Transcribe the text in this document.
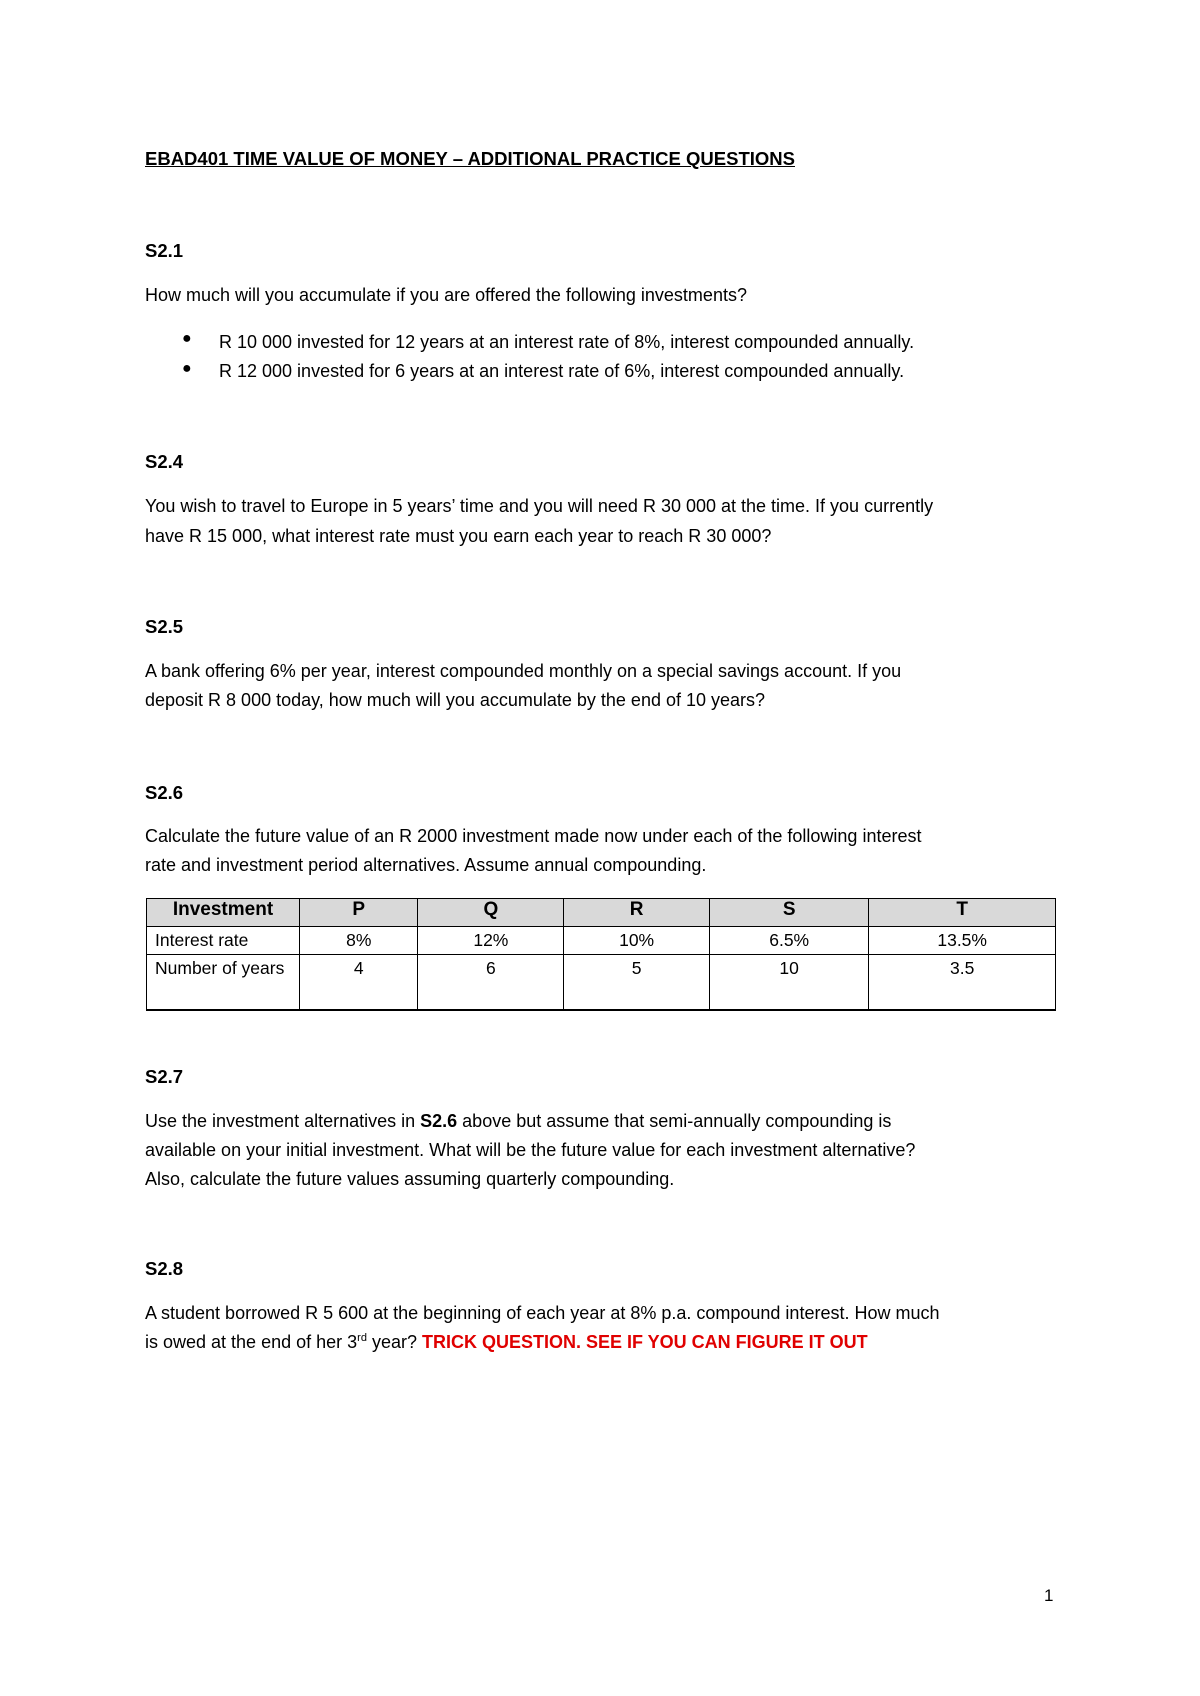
EBAD401 TIME VALUE OF MONEY – ADDITIONAL PRACTICE QUESTIONS
S2.1
How much will you accumulate if you are offered the following investments?
● R 10 000 invested for 12 years at an interest rate of 8%, interest compounded annually.
● R 12 000 invested for 6 years at an interest rate of 6%, interest compounded annually.
S2.4
You wish to travel to Europe in 5 years’ time and you will need R 30 000 at the time. If you currently
have R 15 000, what interest rate must you earn each year to reach R 30 000?
S2.5
A bank offering 6% per year, interest compounded monthly on a special savings account. If you
deposit R 8 000 today, how much will you accumulate by the end of 10 years?
S2.6
Calculate the future value of an R 2000 investment made now under each of the following interest
rate and investment period alternatives. Assume annual compounding.
Investment	P	Q	R	S	T
Interest rate	8%	12%	10%	6.5%	13.5%
Number of years	4	6	5	10	3.5
S2.7
Use the investment alternatives in S2.6 above but assume that semi-annually compounding is
available on your initial investment. What will be the future value for each investment alternative?
Also, calculate the future values assuming quarterly compounding.
S2.8
A student borrowed R 5 600 at the beginning of each year at 8% p.a. compound interest. How much
is owed at the end of her 3rd year? TRICK QUESTION. SEE IF YOU CAN FIGURE IT OUT
1
